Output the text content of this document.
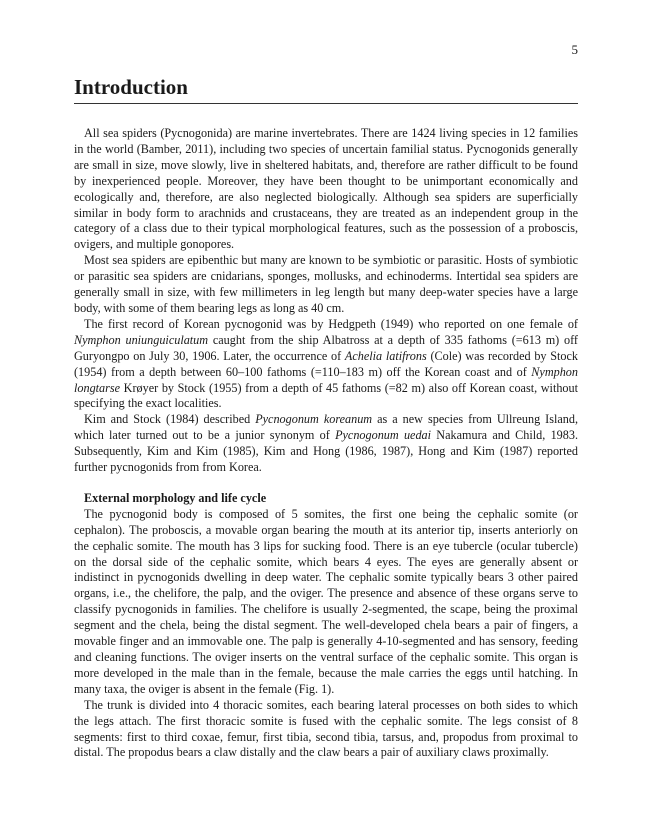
5

Introduction

All sea spiders (Pycnogonida) are marine invertebrates. There are 1424 living species in 12 families in the world (Bamber, 2011), including two species of uncertain familial status. Pycnogonids generally are small in size, move slowly, live in sheltered habitats, and, therefore are rather difficult to be found by inexperienced people. Moreover, they have been thought to be unimportant economically and ecologically and, therefore, are also neglected biologically. Although sea spiders are superficially similar in body form to arachnids and crustaceans, they are treated as an independent group in the category of a class due to their typical morphological features, such as the possession of a proboscis, ovigers, and multiple gonopores.

Most sea spiders are epibenthic but many are known to be symbiotic or parasitic. Hosts of symbiotic or parasitic sea spiders are cnidarians, sponges, mollusks, and echinoderms. Intertidal sea spiders are generally small in size, with few millimeters in leg length but many deep-water species have a large body, with some of them bearing legs as long as 40 cm.

The first record of Korean pycnogonid was by Hedgpeth (1949) who reported on one female of Nymphon uniunguiculatum caught from the ship Albatross at a depth of 335 fathoms (=613 m) off Guryongpo on July 30, 1906. Later, the occurrence of Achelia latifrons (Cole) was recorded by Stock (1954) from a depth between 60–100 fathoms (=110–183 m) off the Korean coast and of Nymphon longtarse Krøyer by Stock (1955) from a depth of 45 fathoms (=82 m) also off Korean coast, without specifying the exact localities.

Kim and Stock (1984) described Pycnogonum koreanum as a new species from Ullreung Island, which later turned out to be a junior synonym of Pycnogonum uedai Nakamura and Child, 1983. Subsequently, Kim and Kim (1985), Kim and Hong (1986, 1987), Hong and Kim (1987) reported further pycnogonids from from Korea.

External morphology and life cycle

The pycnogonid body is composed of 5 somites, the first one being the cephalic somite (or cephalon). The proboscis, a movable organ bearing the mouth at its anterior tip, inserts anteriorly on the cephalic somite. The mouth has 3 lips for sucking food. There is an eye tubercle (ocular tubercle) on the dorsal side of the cephalic somite, which bears 4 eyes. The eyes are generally absent or indistinct in pycnogonids dwelling in deep water. The cephalic somite typically bears 3 other paired organs, i.e., the chelifore, the palp, and the oviger. The presence and absence of these organs serve to classify pycnogonids in families. The chelifore is usually 2-segmented, the scape, being the proximal segment and the chela, being the distal segment. The well-developed chela bears a pair of fingers, a movable finger and an immovable one. The palp is generally 4-10-segmented and has sensory, feeding and cleaning functions. The oviger inserts on the ventral surface of the cephalic somite. This organ is more developed in the male than in the female, because the male carries the eggs until hatching. In many taxa, the oviger is absent in the female (Fig. 1).

The trunk is divided into 4 thoracic somites, each bearing lateral processes on both sides to which the legs attach. The first thoracic somite is fused with the cephalic somite. The legs consist of 8 segments: first to third coxae, femur, first tibia, second tibia, tarsus, and, propodus from proximal to distal. The propodus bears a claw distally and the claw bears a pair of auxiliary claws proximally.
